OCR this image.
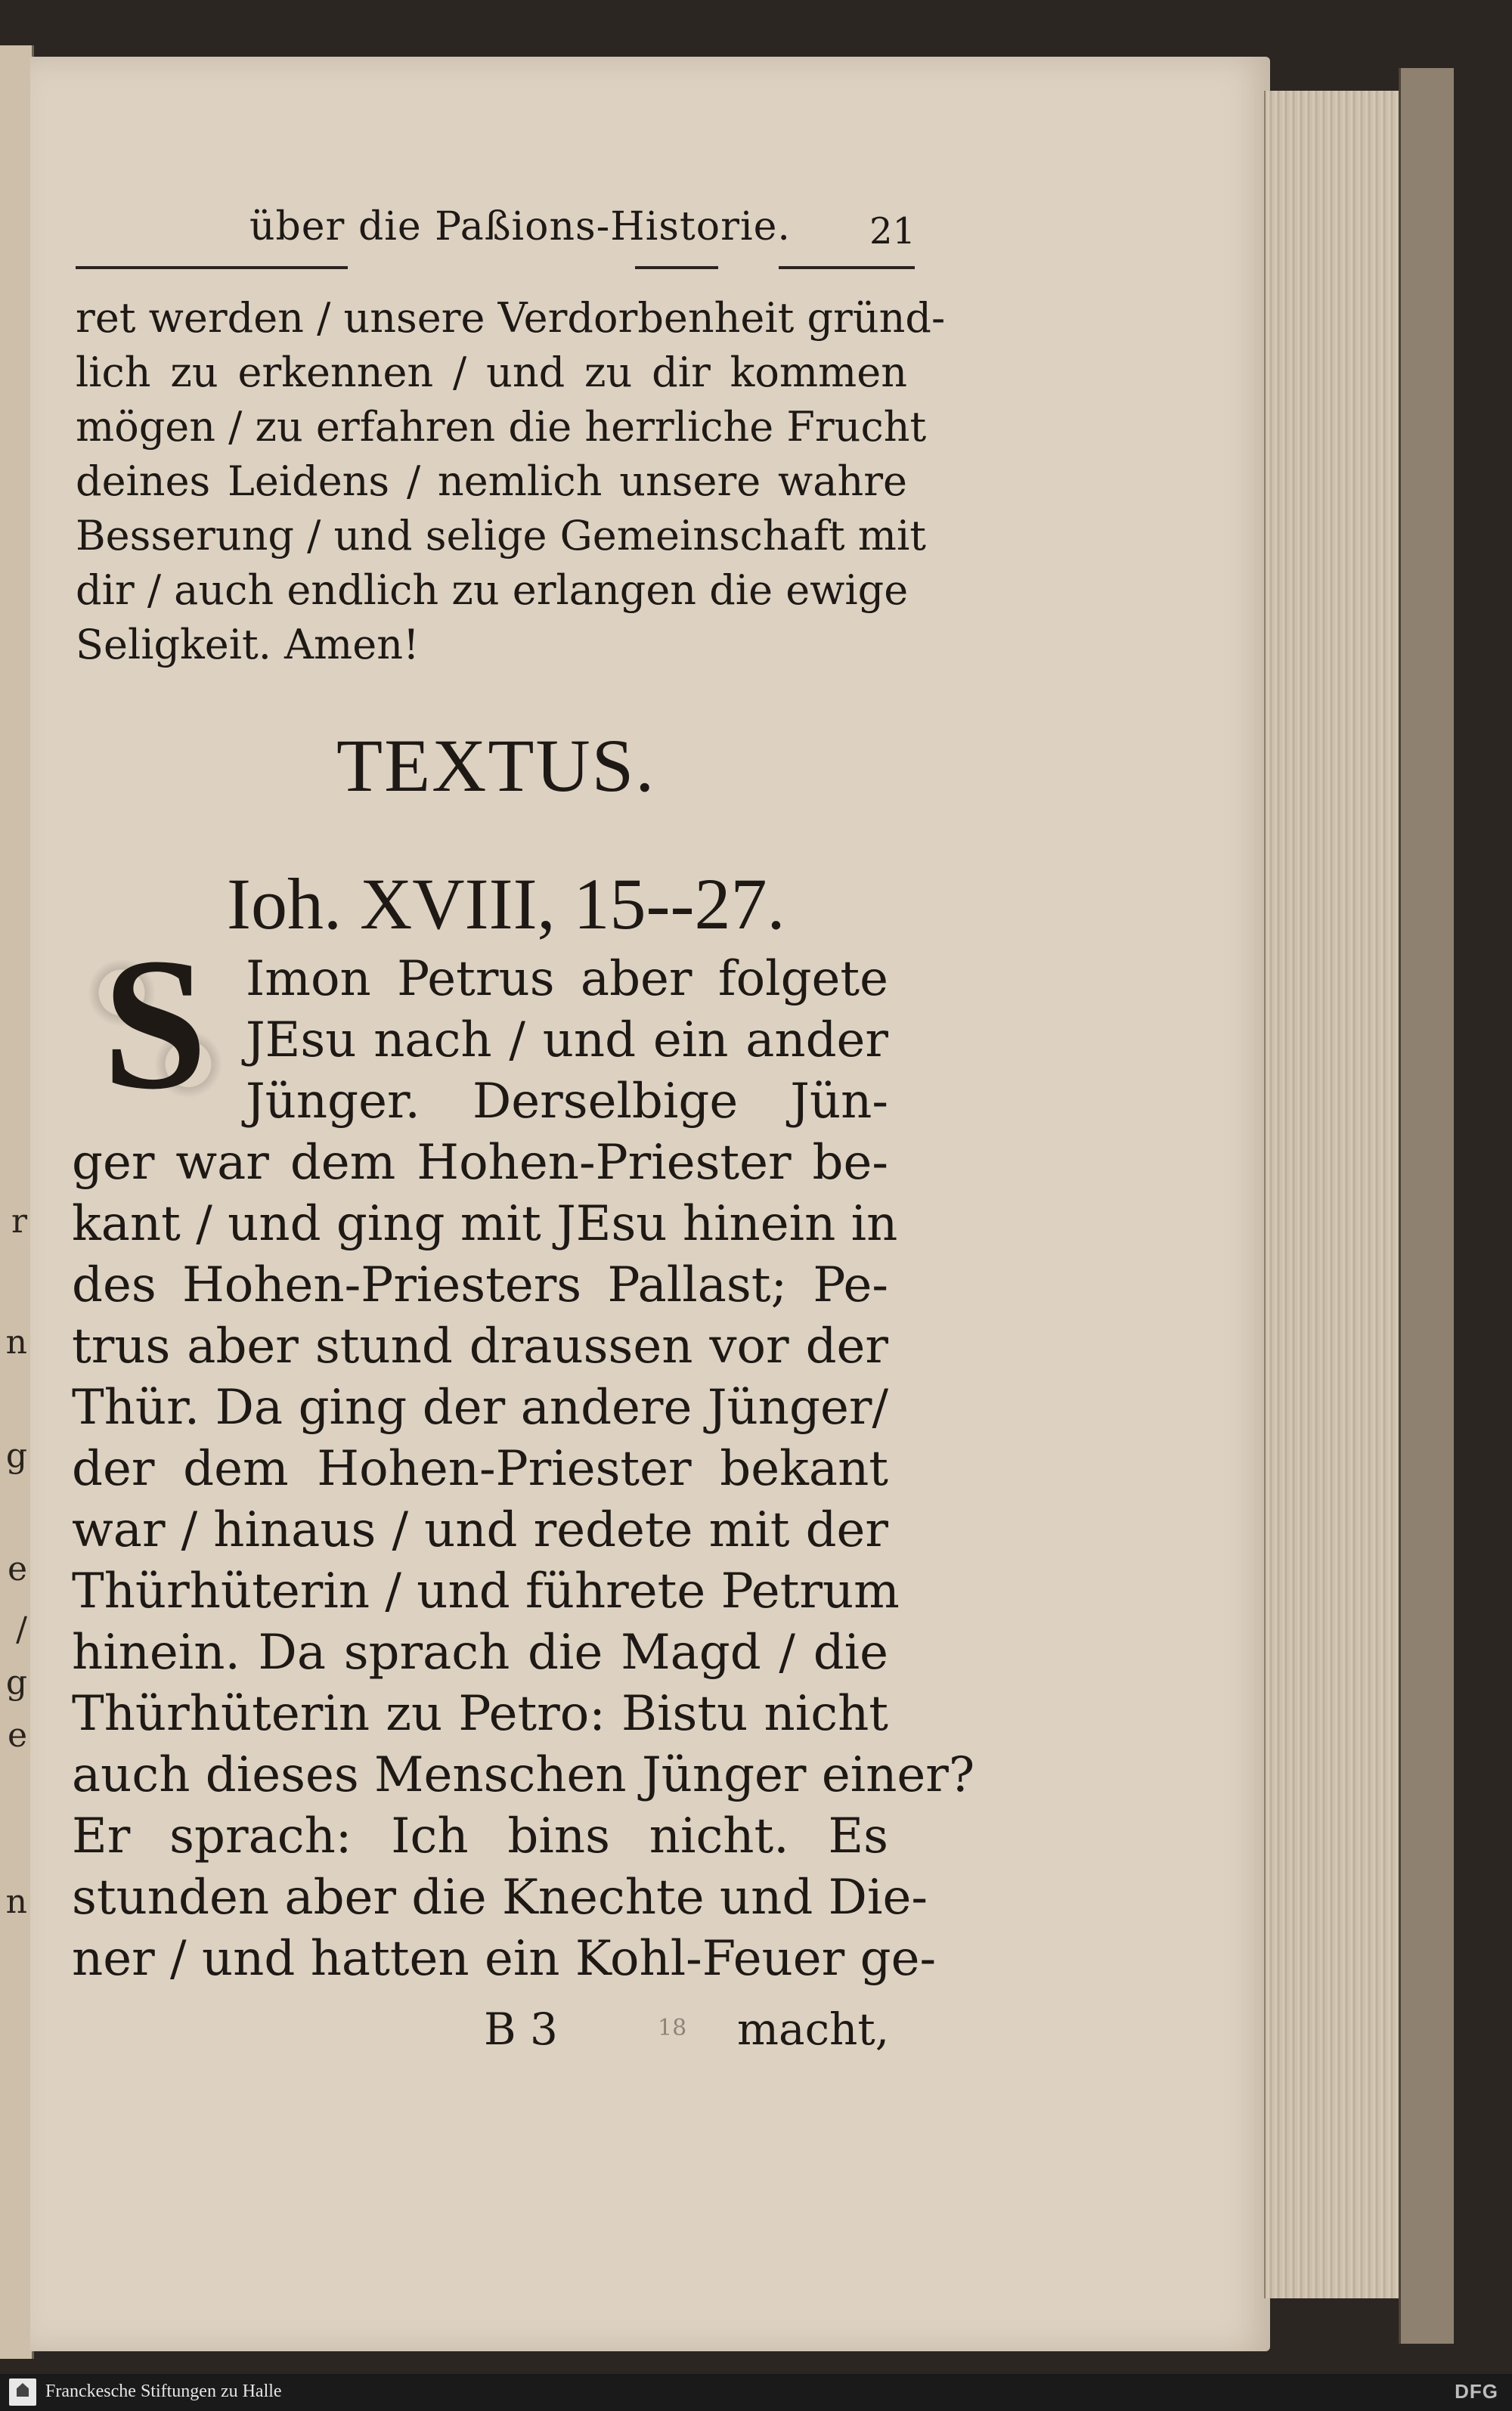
r
n
g
e
/
g
e
n
über die Paßions-Historie.	21
ret werden / unsere Verdorbenheit gründ-
lich zu erkennen / und zu dir kommen
mögen / zu erfahren die herrliche Frucht
deines Leidens / nemlich unsere wahre
Besserung / und selige Gemeinschaft mit
dir / auch endlich zu erlangen die ewige
Seligkeit. Amen!
TEXTUS.
Ioh. XVIII, 15--27.
S Imon Petrus aber folgete
JEsu nach / und ein ander
Jünger. Derselbige Jün-
ger war dem Hohen-Priester be-
kant / und ging mit JEsu hinein in
des Hohen-Priesters Pallast; Pe-
trus aber stund draussen vor der
Thür. Da ging der andere Jünger/
der dem Hohen-Priester bekant
war / hinaus / und redete mit der
Thürhüterin / und führete Petrum
hinein. Da sprach die Magd / die
Thürhüterin zu Petro: Bistu nicht
auch dieses Menschen Jünger einer?
Er sprach: Ich bins nicht. Es
stunden aber die Knechte und Die-
ner / und hatten ein Kohl-Feuer ge-
B 3	18 macht,
Franckesche Stiftungen zu Halle	DFG
